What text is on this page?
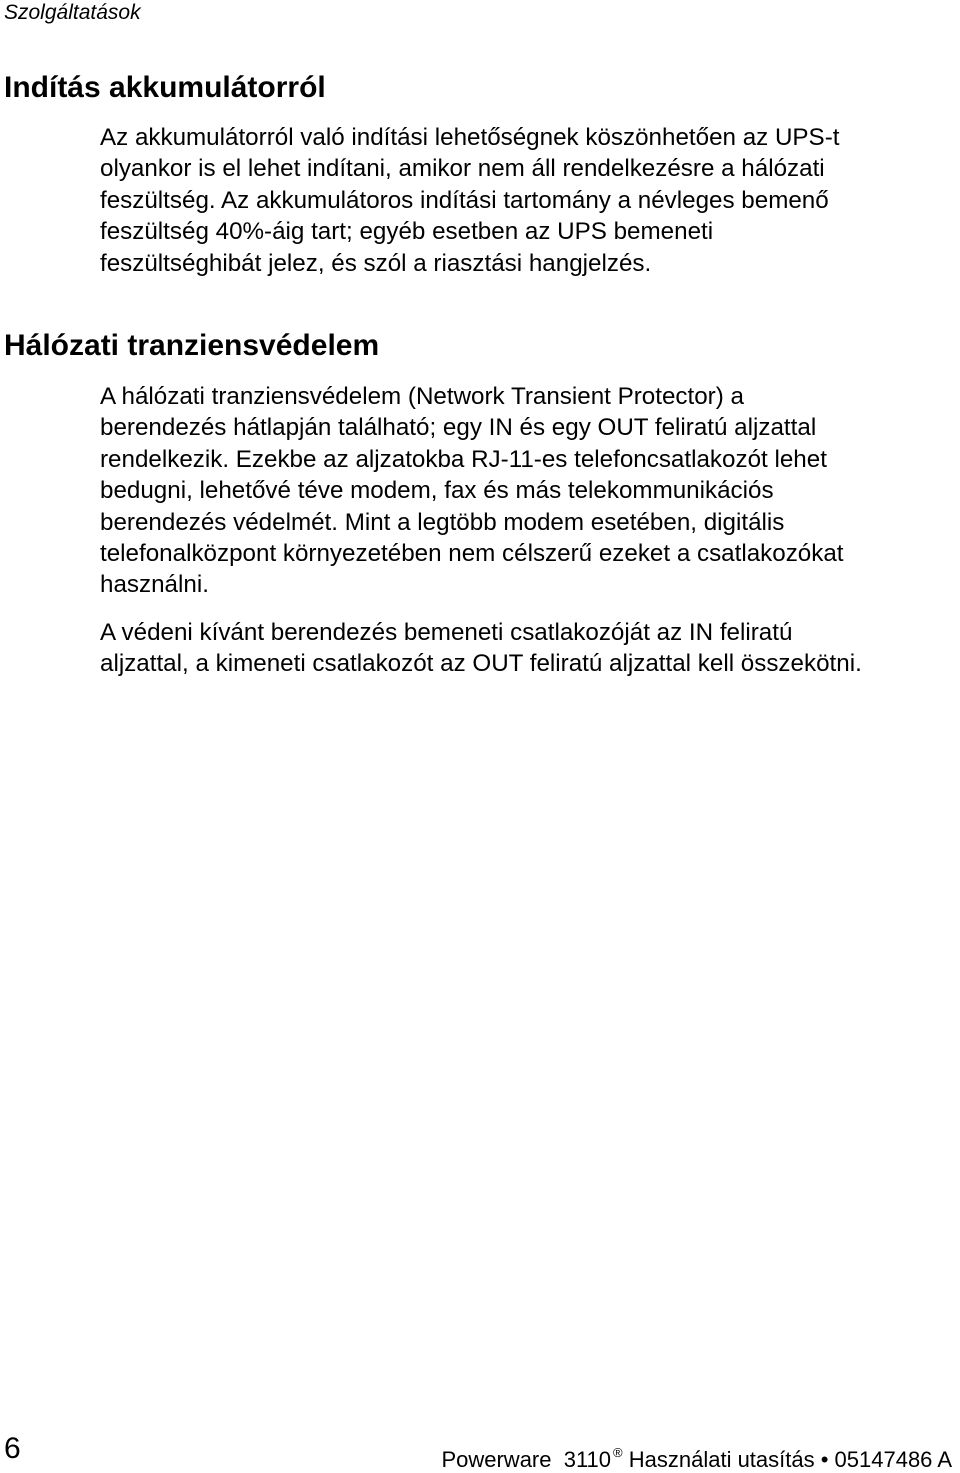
Szolgáltatások
Indítás akkumulátorról

Az akkumulátorról való indítási lehetőségnek köszönhetően az UPS-t
olyankor is el lehet indítani, amikor nem áll rendelkezésre a hálózati
feszültség. Az akkumulátoros indítási tartomány a névleges bemenő
feszültség 40%-áig tart; egyéb esetben az UPS bemeneti
feszültséghibát jelez, és szól a riasztási hangjelzés.

Hálózati tranziensvédelem

A hálózati tranziensvédelem (Network Transient Protector) a
berendezés hátlapján található; egy IN és egy OUT feliratú aljzattal
rendelkezik. Ezekbe az aljzatokba RJ-11-es telefoncsatlakozót lehet
bedugni, lehetővé téve modem, fax és más telekommunikációs
berendezés védelmét. Mint a legtöbb modem esetében, digitális
telefonalközpont környezetében nem célszerű ezeket a csatlakozókat
használni.

A védeni kívánt berendezés bemeneti csatlakozóját az IN feliratú
aljzattal, a kimeneti csatlakozót az OUT feliratú aljzattal kell összekötni.

6	Powerware  3110 ® Használati utasítás • 05147486 A
